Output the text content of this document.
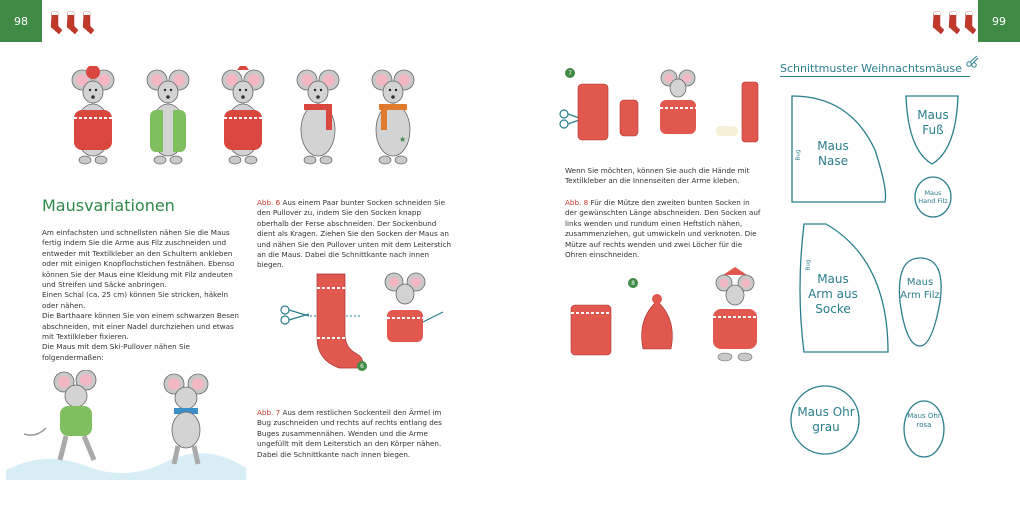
98	99
★
Mausvariationen

Am einfachsten und schnellsten nähen Sie die Maus fertig indem Sie die Arme aus Filz zuschneiden und entweder mit Textilkleber an den Schultern ankleben oder mit einigen Knopflochstichen festnähen. Ebenso können Sie der Maus eine Kleidung mit Filz andeuten und Streifen und Säcke anbringen.

Einen Schal (ca. 25 cm) können Sie stricken, häkeln oder nähen.

Die Barthaare können Sie von einem schwarzen Besen abschneiden, mit einer Nadel durchziehen und etwas mit Textilkleber fixieren.

Die Maus mit dem Ski-Pullover nähen Sie folgendermaßen:

Abb. 6 Aus einem Paar bunter Socken schneiden Sie den Pullover zu, indem Sie den Socken knapp oberhalb der Ferse abschneiden. Der Sockenbund dient als Kragen. Ziehen Sie den Socken der Maus an und nähen Sie den Pullover unten mit dem Leiterstich an die Maus. Dabei die Schnittkante nach innen biegen.

6

Abb. 7 Aus dem restlichen Sockenteil den Ärmel im Bug zuschneiden und rechts auf rechts entlang des Buges zusammennähen. Wenden und die Arme ungefüllt mit dem Leiterstich an den Körper nähen. Dabei die Schnittkante nach innen biegen.

7

Wenn Sie möchten, können Sie auch die Hände mit Textilkleber an die Innenseiten der Arme kleben.

Abb. 8 Für die Mütze den zweiten bunten Socken in der gewünschten Länge abschneiden. Den Socken auf links wenden und rundum einen Heftstich nähen, zusammenziehen, gut umwickeln und verknoten. Die Mütze auf rechts wenden und zwei Löcher für die Ohren einschneiden.

8
Schnittmuster Weihnachtsmäuse
Maus Nase
Bug
Maus Fuß
Maus Hand Filz
Maus Arm aus Socke
Bug
Maus Arm Filz
Maus Ohr grau
Maus Ohr rosa
